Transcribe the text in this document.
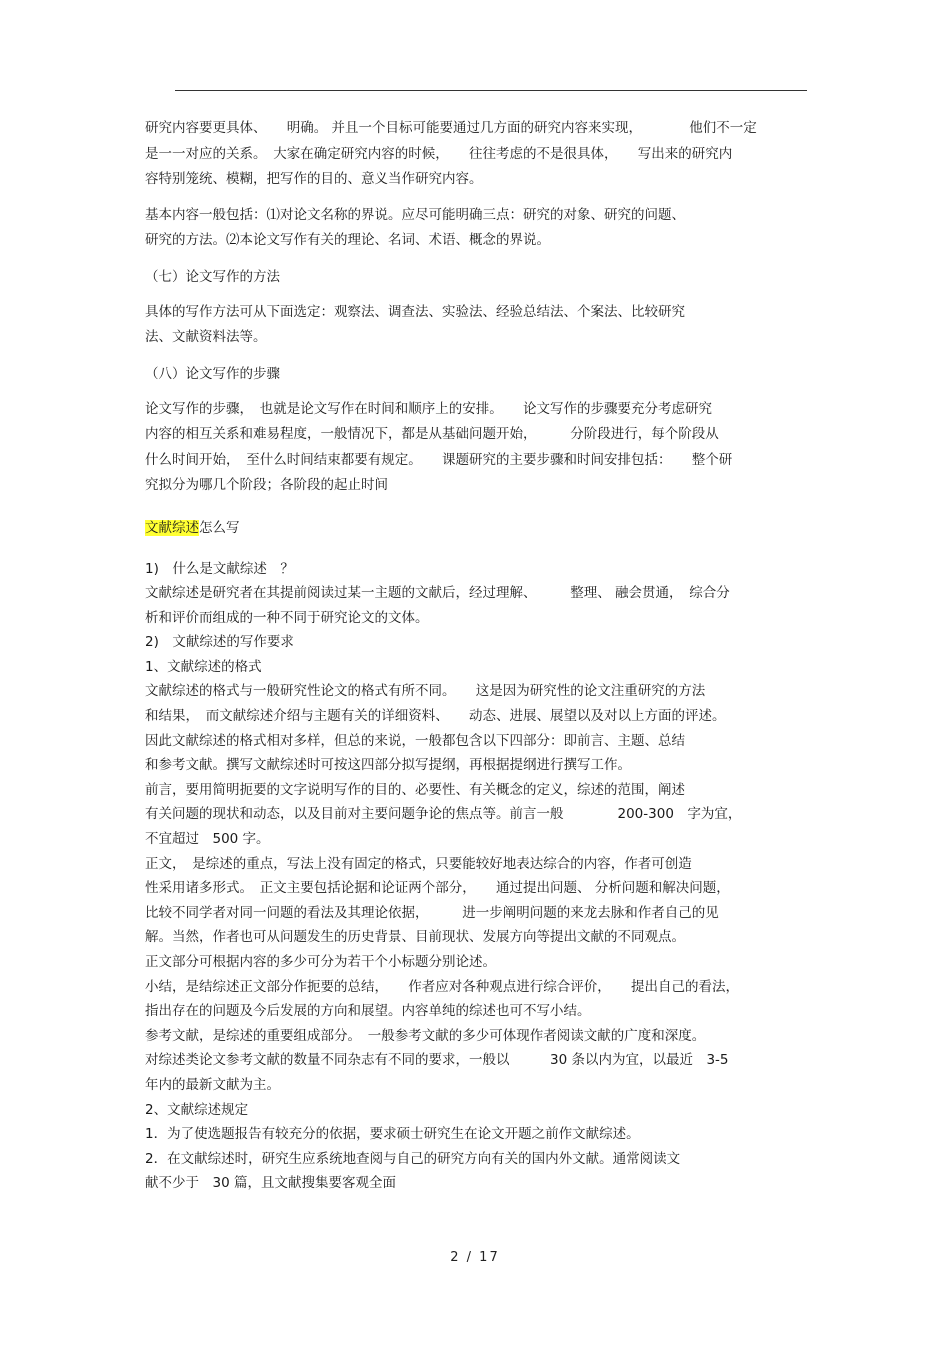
研究内容要更具体、　　明确。 并且一个目标可能要通过几方面的研究内容来实现，　　　　他们不一定
是一一对应的关系。　大家在确定研究内容的时候，　　往往考虑的不是很具体，　　写出来的研究内
容特别笼统、模糊，把写作的目的、意义当作研究内容。
基本内容一般包括：⑴对论文名称的界说。应尽可能明确三点：研究的对象、研究的问题、
研究的方法。⑵本论文写作有关的理论、名词、术语、概念的界说。
（七）论文写作的方法
具体的写作方法可从下面选定：观察法、调查法、实验法、经验总结法、个案法、比较研究
法、文献资料法等。
（八）论文写作的步骤
论文写作的步骤，　也就是论文写作在时间和顺序上的安排。　　论文写作的步骤要充分考虑研究
内容的相互关系和难易程度，一般情况下，都是从基础问题开始，　　　分阶段进行，每个阶段从
什么时间开始，　至什么时间结束都要有规定。　　课题研究的主要步骤和时间安排包括：　　整个研
究拟分为哪几个阶段；各阶段的起止时间
文献综述怎么写
1)　什么是文献综述　？
文献综述是研究者在其提前阅读过某一主题的文献后，经过理解、　　　整理、 融会贯通，　综合分
析和评价而组成的一种不同于研究论文的文体。
2)　文献综述的写作要求
1、文献综述的格式
文献综述的格式与一般研究性论文的格式有所不同。　　这是因为研究性的论文注重研究的方法
和结果，　而文献综述介绍与主题有关的详细资料、　　动态、进展、展望以及对以上方面的评述。
因此文献综述的格式相对多样，但总的来说，一般都包含以下四部分：即前言、主题、总结
和参考文献。撰写文献综述时可按这四部分拟写提纲，再根据提纲进行撰写工作。
前言，要用简明扼要的文字说明写作的目的、必要性、有关概念的定义，综述的范围，阐述
有关问题的现状和动态，以及目前对主要问题争论的焦点等。前言一般　　　　200-300　字为宜，
不宜超过　500 字。
正文，　是综述的重点，写法上没有固定的格式，只要能较好地表达综合的内容，作者可创造
性采用诸多形式。　正文主要包括论据和论证两个部分，　　通过提出问题、 分析问题和解决问题，
比较不同学者对同一问题的看法及其理论依据，　　　进一步阐明问题的来龙去脉和作者自己的见
解。当然，作者也可从问题发生的历史背景、目前现状、发展方向等提出文献的不同观点。
正文部分可根据内容的多少可分为若干个小标题分别论述。
小结，是结综述正文部分作扼要的总结，　　作者应对各种观点进行综合评价，　　提出自己的看法，
指出存在的问题及今后发展的方向和展望。内容单纯的综述也可不写小结。
参考文献，是综述的重要组成部分。　一般参考文献的多少可体现作者阅读文献的广度和深度。
对综述类论文参考文献的数量不同杂志有不同的要求，一般以　　　30 条以内为宜，以最近　3-5
年内的最新文献为主。
2、文献综述规定
1．为了使选题报告有较充分的依据，要求硕士研究生在论文开题之前作文献综述。
2．在文献综述时，研究生应系统地查阅与自己的研究方向有关的国内外文献。通常阅读文
献不少于　30 篇，且文献搜集要客观全面
2 / 17
